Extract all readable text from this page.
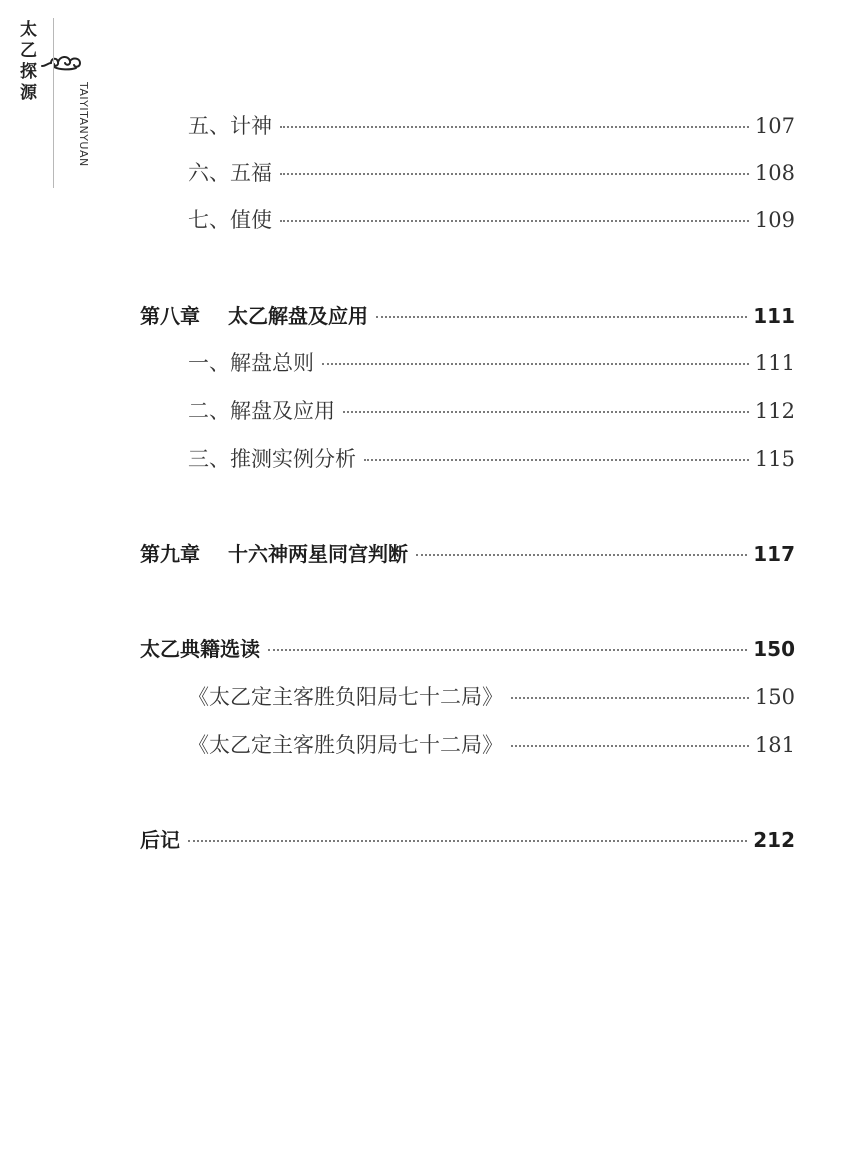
太
乙
探
源	TAIYITANYUAN	五、计神	107
六、五福	108
七、值使	109
第八章 太乙解盘及应用	111
一、解盘总则	111
二、解盘及应用	112
三、推测实例分析	115
第九章 十六神两星同宫判断	117
太乙典籍选读	150
《太乙定主客胜负阳局七十二局》	150
《太乙定主客胜负阴局七十二局》	181
后记	212
